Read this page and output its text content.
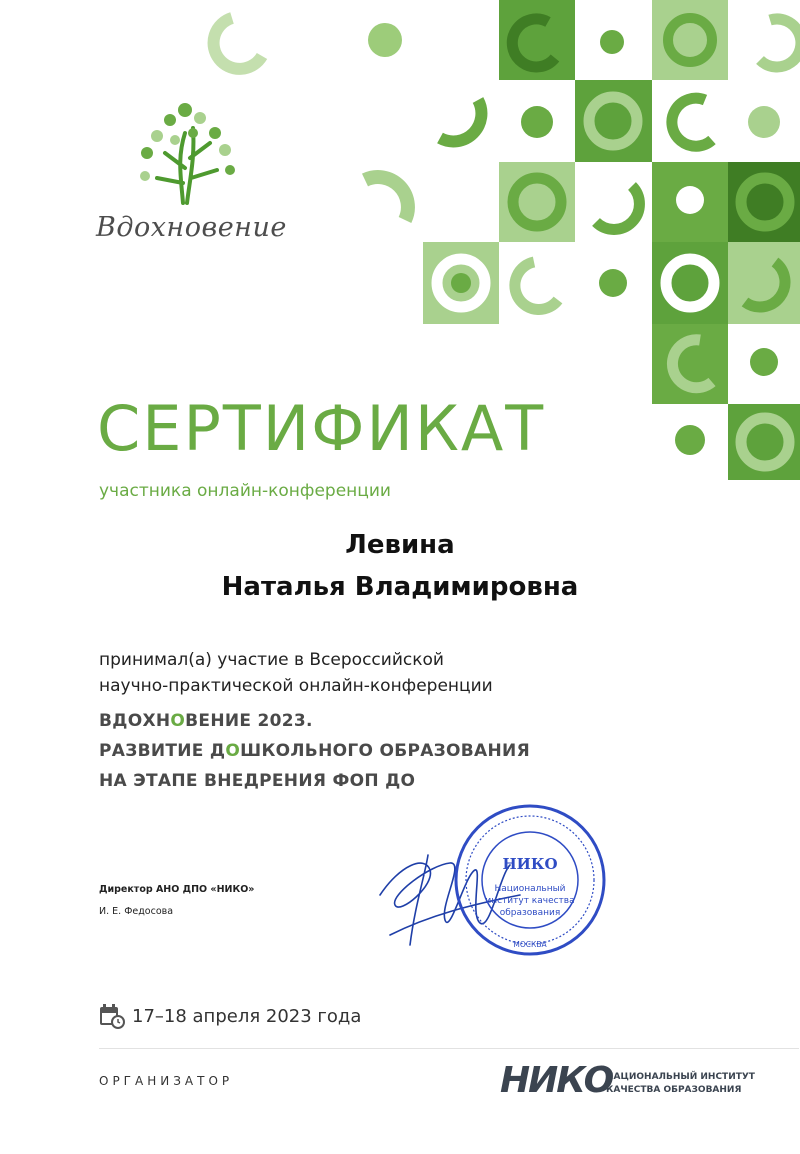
Вдохновение
СЕРТИФИКАТ
участника онлайн-конференции
Левина
Наталья Владимировна
принимал(а) участие в Всероссийской
научно-практической онлайн-конференции
ВДОХНОВЕНИЕ 2023.
РАЗВИТИЕ ДОШКОЛЬНОГО ОБРАЗОВАНИЯ
НА ЭТАПЕ ВНЕДРЕНИЯ ФОП ДО
Директор АНО ДПО «НИКО»
И. Е. Федосова
НИКО
Национальный
институт качества
образования
МОСКВА
17–18 апреля 2023 года
ОРГАНИЗАТОР	НИКО
НАЦИОНАЛЬНЫЙ ИНСТИТУТ
КАЧЕСТВА ОБРАЗОВАНИЯ
